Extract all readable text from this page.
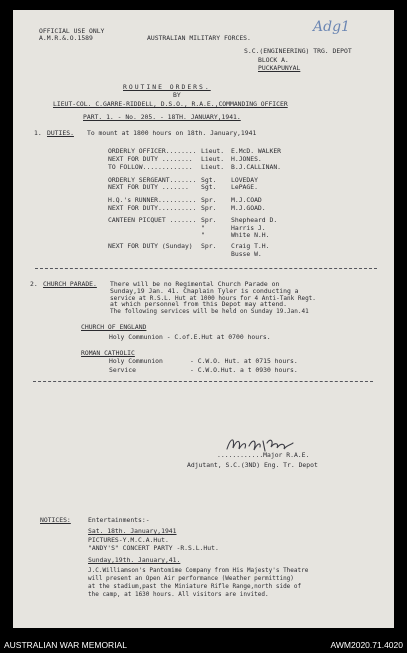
OFFICIAL USE ONLY
A.M.R.&.O.1589	AUSTRALIAN MILITARY FORCES.
Adg1
S.C.(ENGINEERING) TRG. DEPOT
BLOCK A.
PUCKAPUNYAL
ROUTINE ORDERS.
BY
LIEUT-COL. C.GARRE-RIDDELL, D.S.O., R.A.E.,COMMANDING OFFICER
PART. 1. - No. 205. - 18TH. JANUARY,1941.
1. DUTIES. To mount at 1800 hours on 18th. January,1941
2. CHURCH PARADE. There will be no Regimental Church Parade on
Sunday,19 Jan. 41. Chaplain Tyler is conducting a
service at R.S.L. Hut at 1000 hours for 4 Anti-Tank Regt.
at which personnel from this Depot may attend.
The following services will be held on Sunday 19.Jan.41
CHURCH OF ENGLAND
Holy Communion - C.of.E.Hut at 0700 hours.
ROMAN CATHOLIC
Holy Communion	- C.W.O. Hut. at 0715 hours.
Service	- C.W.O.Hut. a t 0930 hours.
............Major R.A.E.
Adjutant, S.C.(3ND) Eng. Tr. Depot
NOTICES:	Entertainments:-
Sat. 18th. January,1941
PICTURES-Y.M.C.A.Hut.
"ANDY'S" CONCERT PARTY -R.S.L.Hut.
Sunday,19th. January,41.
J.C.Williamson's Pantomime Company from His Majesty's Theatre
will present an Open Air performance (Weather permitting)
at the stadium,past the Miniature Rifle Range,north side of
the camp, at 1630 hours. All visitors are invited.
ORDERLY OFFICER........ Lieut. E.McD. WALKER
NEXT FOR DUTY ........ Lieut. H.JONES.
TO FOLLOW............. Lieut. B.J.CALLINAN.
ORDERLY SERGEANT....... Sgt. LOVEDAY
NEXT FOR DUTY ....... Sgt. LePAGE.
H.Q.'s RUNNER.......... Spr. M.J.COAD
NEXT FOR DUTY.......... Spr. M.J.GOAD.
CANTEEN PICQUET ....... Spr. Shepheard D.
"	Harris J.
"	White N.H.
NEXT FOR DUTY (Sunday) Spr. Craig T.H.
Busse W.
AUSTRALIAN WAR MEMORIAL	AWM2020.71.4020
